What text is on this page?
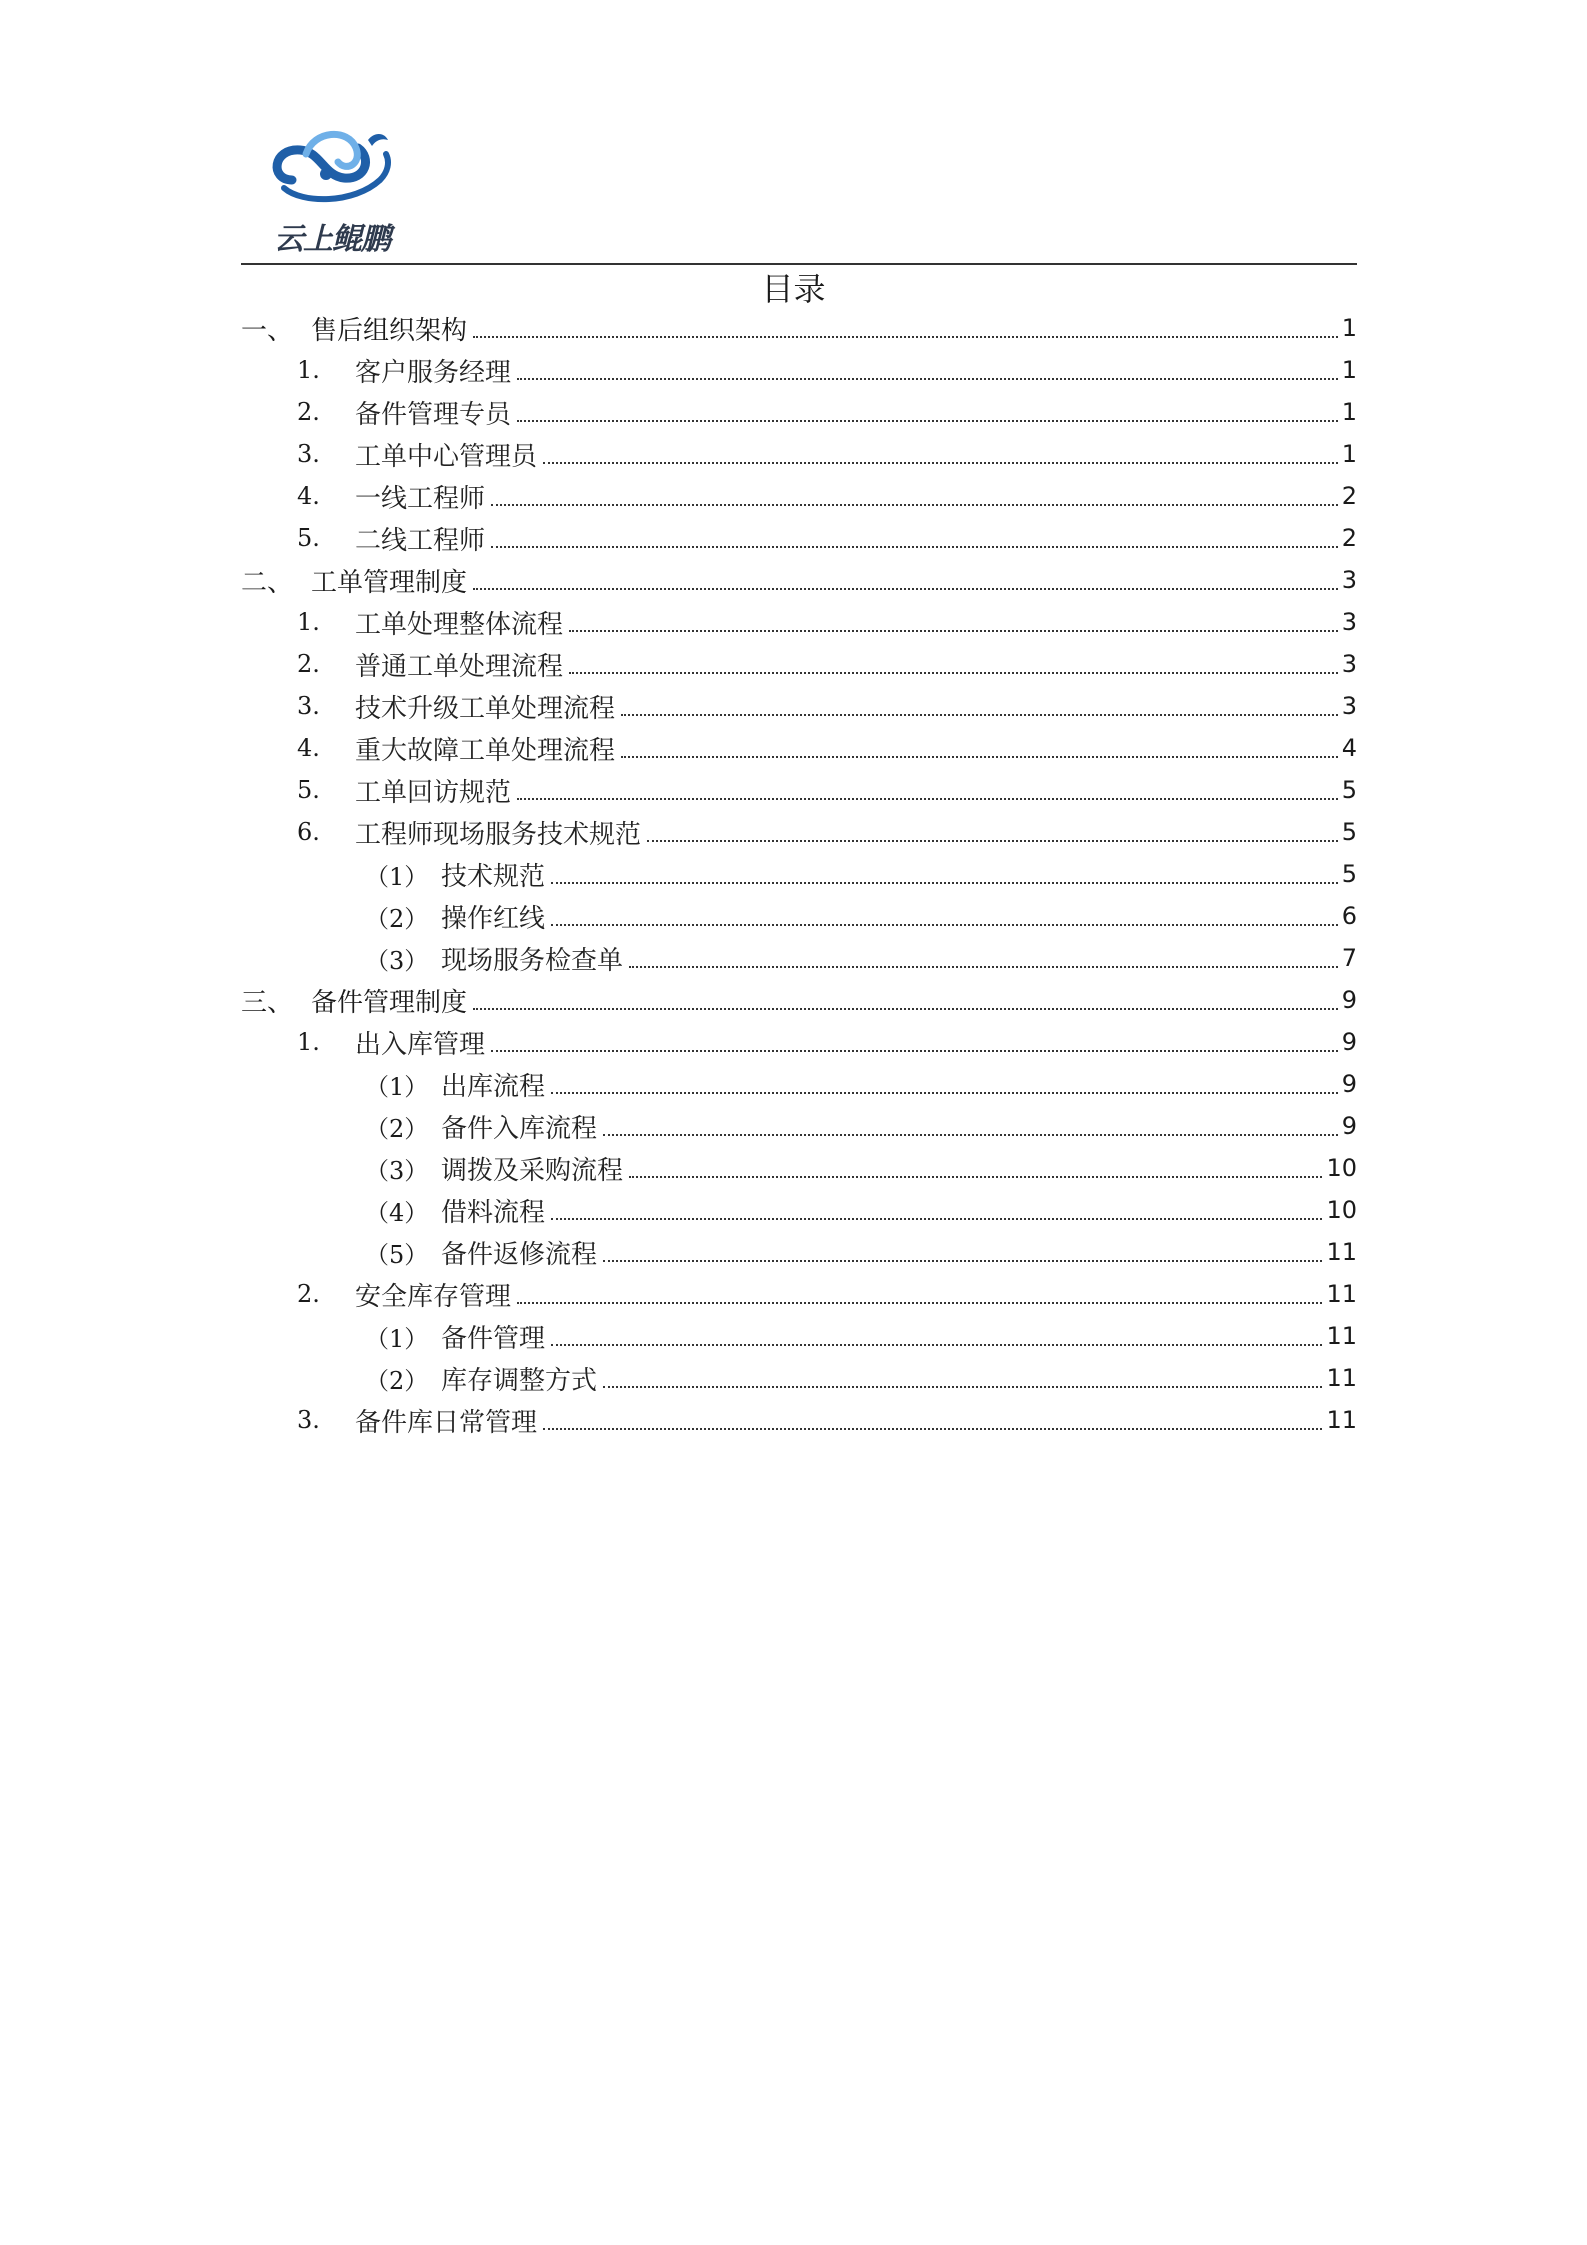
云上鲲鹏
目录
一、 售后组织架构	1
1.	客户服务经理	1
2.	备件管理专员	1
3.	工单中心管理员	1
4.	一线工程师	2
5.	二线工程师	2
二、 工单管理制度	3
1.	工单处理整体流程	3
2.	普通工单处理流程	3
3.	技术升级工单处理流程	3
4.	重大故障工单处理流程	4
5.	工单回访规范	5
6.	工程师现场服务技术规范	5
（1） 技术规范	5
（2） 操作红线	6
（3） 现场服务检查单	7
三、 备件管理制度	9
1.	出入库管理	9
（1） 出库流程	9
（2） 备件入库流程	9
（3） 调拨及采购流程	10
（4） 借料流程	10
（5） 备件返修流程	11
2.	安全库存管理	11
（1） 备件管理	11
（2） 库存调整方式	11
3.	备件库日常管理	11
